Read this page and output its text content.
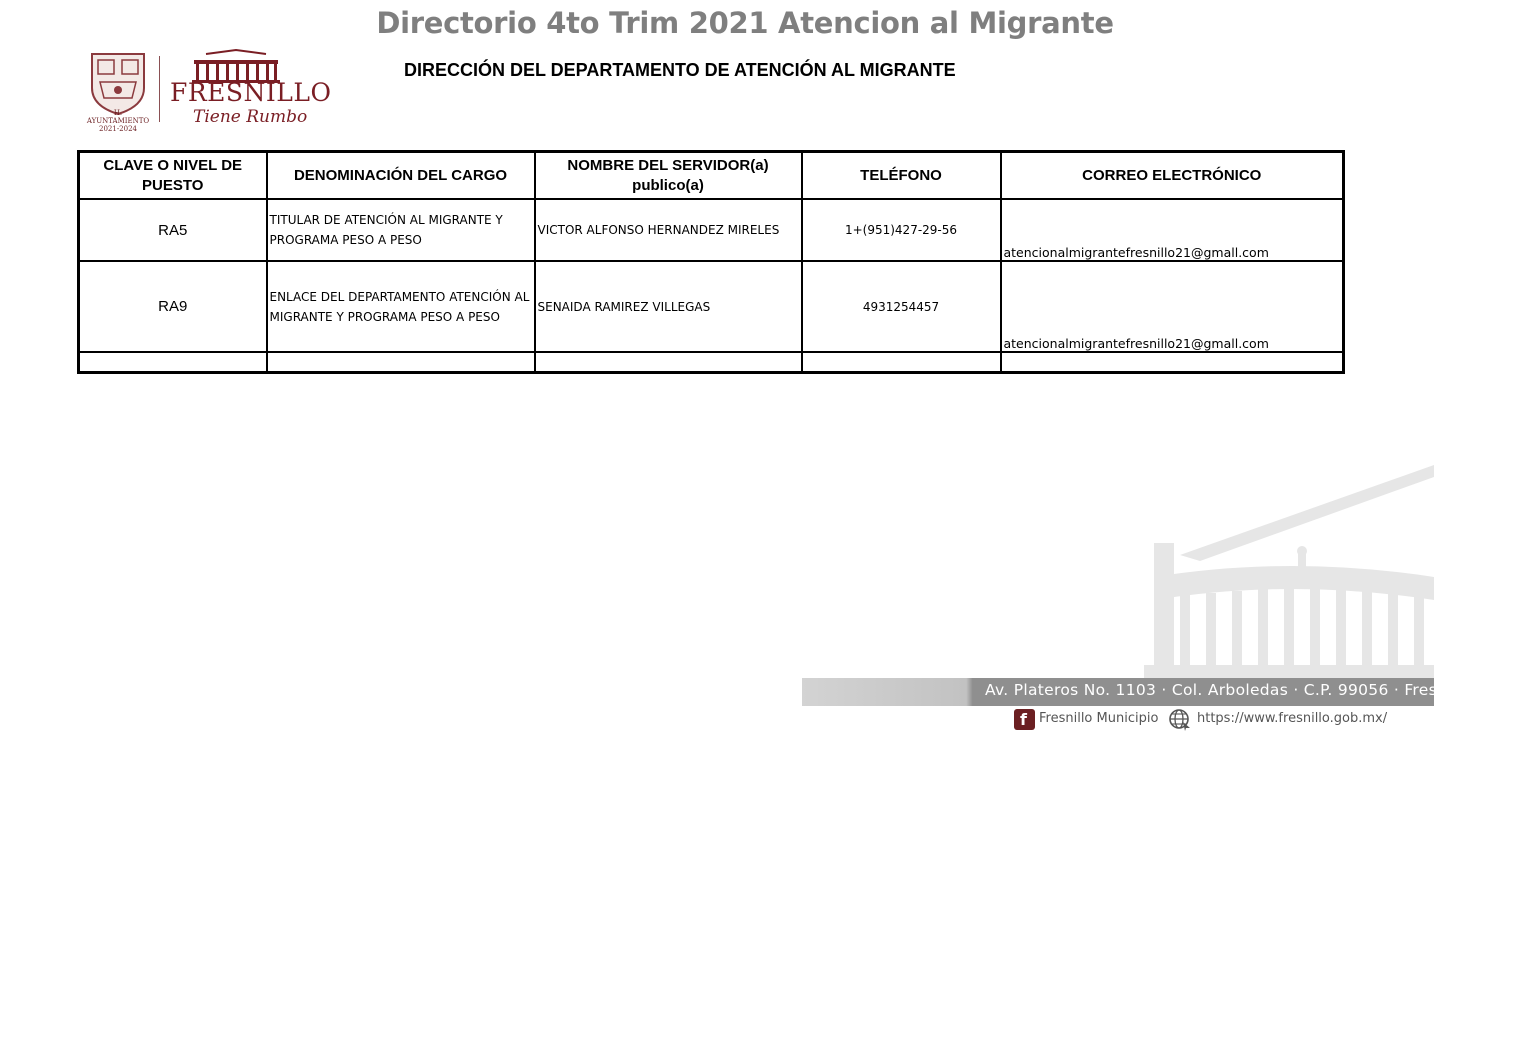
Directorio 4to Trim 2021 Atencion al Migrante
DIRECCIÓN DEL DEPARTAMENTO DE ATENCIÓN AL MIGRANTE
H. AYUNTAMIENTO
2021-2024
FRESNILLO
Tiene Rumbo
CLAVE O NIVEL DE PUESTO	DENOMINACIÓN DEL CARGO	NOMBRE DEL SERVIDOR(a) publico(a)	TELÉFONO	CORREO ELECTRÓNICO
RA5	TITULAR DE ATENCIÓN AL MIGRANTE Y PROGRAMA PESO A PESO	VICTOR ALFONSO HERNANDEZ MIRELES	1+(951)427-29-56	atencionalmigrantefresnillo21@gmall.com
RA9	ENLACE DEL DEPARTAMENTO ATENCIÓN AL MIGRANTE Y PROGRAMA PESO A PESO	SENAIDA RAMIREZ VILLEGAS	4931254457	atencionalmigrantefresnillo21@gmall.com

Av. Plateros No. 1103 · Col. Arboledas · C.P. 99056 · Fresnillo, Zac.
f Fresnillo Municipio	https://www.fresnillo.gob.mx/
